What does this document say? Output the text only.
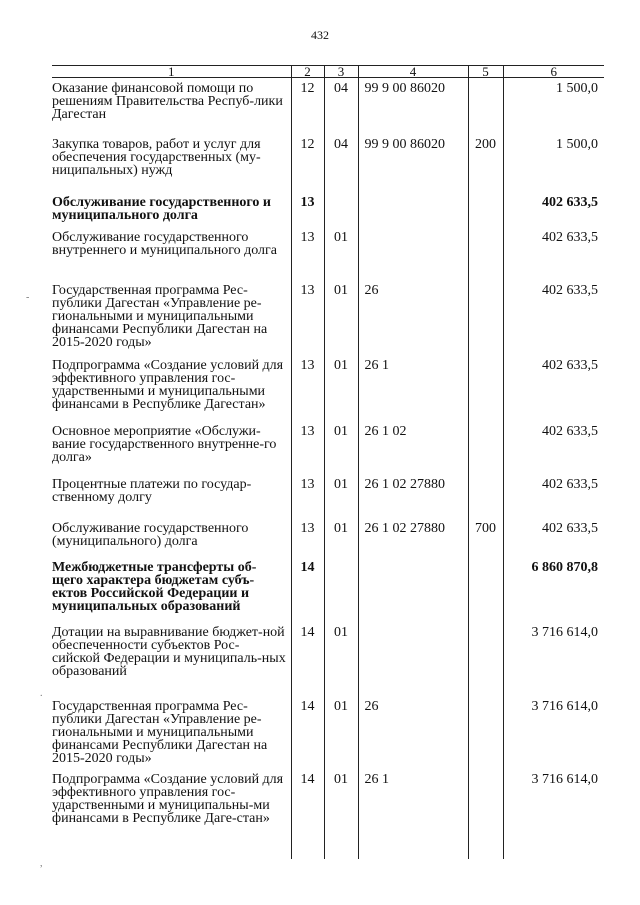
432
-
.
,
1	2	3	4	5	6
Оказание финансовой помощи по решениям Правительства Респуб-лики Дагестан	12	04	99 9 00 86020		1 500,0
Закупка товаров, работ и услуг для обеспечения государственных (му-ниципальных) нужд	12	04	99 9 00 86020	200	1 500,0
Обслуживание государственного и муниципального долга	13				402 633,5
Обслуживание государственного внутреннего и муниципального долга	13	01			402 633,5
Государственная программа Рес-публики Дагестан «Управление ре-гиональными и муниципальными финансами Республики Дагестан на 2015-2020 годы»	13	01	26		402 633,5
Подпрограмма «Создание условий для эффективного управления гос-ударственными и муниципальными финансами в Республике Дагестан»	13	01	26 1		402 633,5
Основное мероприятие «Обслужи-вание государственного внутренне-го долга»	13	01	26 1 02		402 633,5
Процентные платежи по государ-ственному долгу	13	01	26 1 02 27880		402 633,5
Обслуживание государственного (муниципального) долга	13	01	26 1 02 27880	700	402 633,5
Межбюджетные трансферты об-щего характера бюджетам субъ-ектов Российской Федерации и муниципальных образований	14				6 860 870,8
Дотации на выравнивание бюджет-ной обеспеченности субъектов Рос-сийской Федерации и муниципаль-ных образований	14	01			3 716 614,0
Государственная программа Рес-публики Дагестан «Управление ре-гиональными и муниципальными финансами Республики Дагестан на 2015-2020 годы»	14	01	26		3 716 614,0
Подпрограмма «Создание условий для эффективного управления гос-ударственными и муниципальны-ми финансами в Республике Даге-стан»	14	01	26 1		3 716 614,0
